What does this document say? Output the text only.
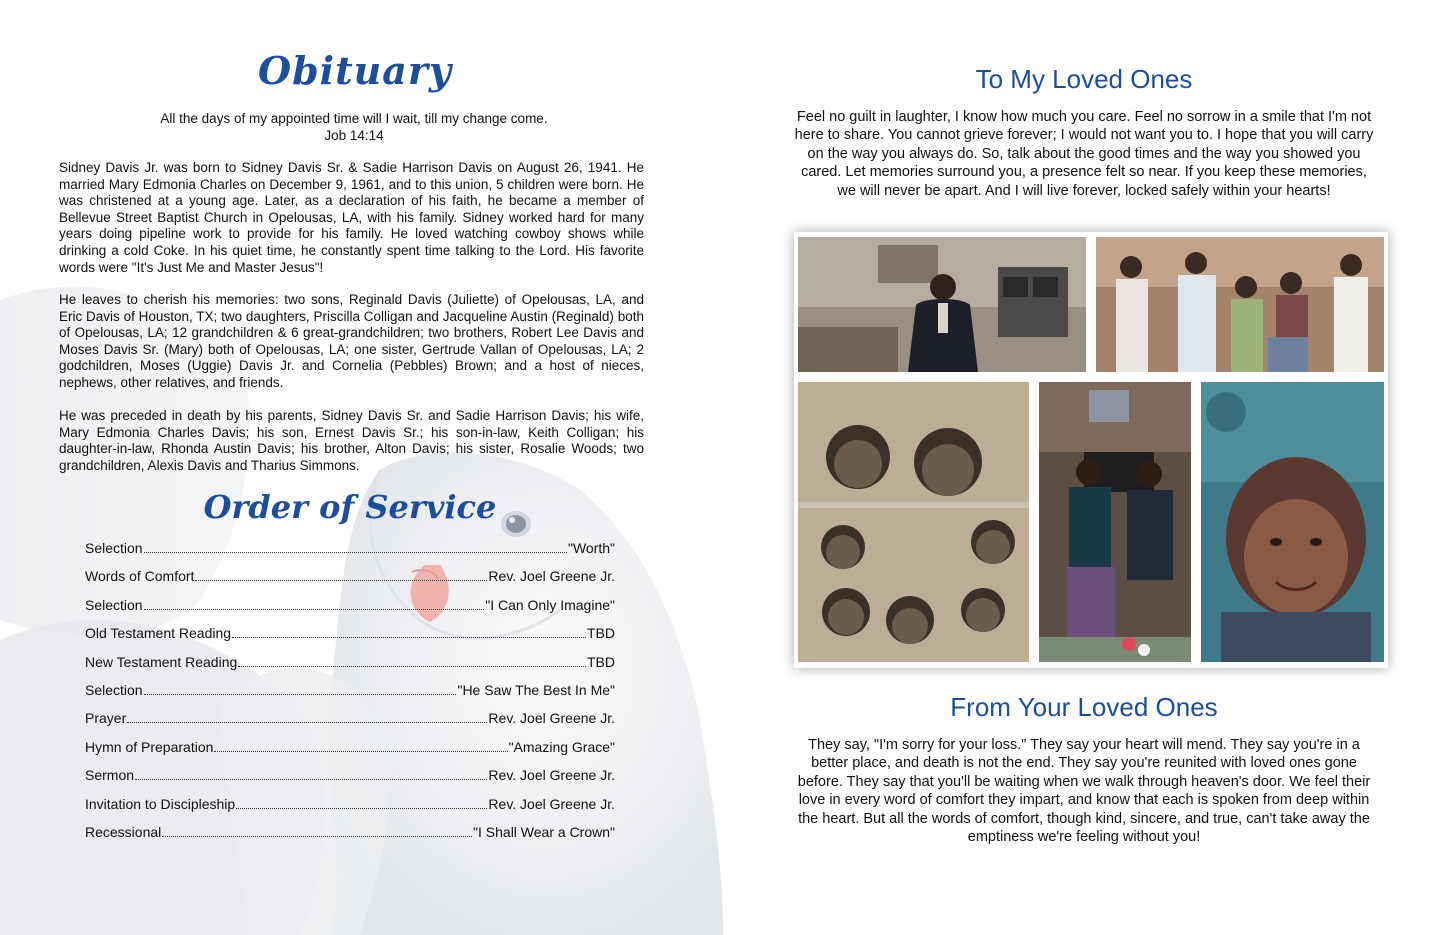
Obituary
All the days of my appointed time will I wait, till my change come.
Job 14:14

Sidney Davis Jr. was born to Sidney Davis Sr. & Sadie Harrison Davis on August 26, 1941. He married Mary Edmonia Charles on December 9, 1961, and to this union, 5 children were born. He was christened at a young age. Later, as a declaration of his faith, he became a member of Bellevue Street Baptist Church in Opelousas, LA, with his family. Sidney worked hard for many years doing pipeline work to provide for his family. He loved watching cowboy shows while drinking a cold Coke. In his quiet time, he constantly spent time talking to the Lord. His favorite words were "It's Just Me and Master Jesus"!

He leaves to cherish his memories: two sons, Reginald Davis (Juliette) of Opelousas, LA, and Eric Davis of Houston, TX; two daughters, Priscilla Colligan and Jacqueline Austin (Reginald) both of Opelousas, LA; 12 grandchildren & 6 great-grandchildren; two brothers, Robert Lee Davis and Moses Davis Sr. (Mary) both of Opelousas, LA; one sister, Gertrude Vallan of Opelousas, LA; 2 godchildren, Moses (Uggie) Davis Jr. and Cornelia (Pebbles) Brown; and a host of nieces, nephews, other relatives, and friends.

He was preceded in death by his parents, Sidney Davis Sr. and Sadie Harrison Davis; his wife, Mary Edmonia Charles Davis; his son, Ernest Davis Sr.; his son-in-law, Keith Colligan; his daughter-in-law, Rhonda Austin Davis; his brother, Alton Davis; his sister, Rosalie Woods; two grandchildren, Alexis Davis and Tharius Simmons.

Order of Service
Selection	"Worth"
Words of Comfort	Rev. Joel Greene Jr.
Selection	"I Can Only Imagine"
Old Testament Reading	TBD
New Testament Reading	TBD
Selection	"He Saw The Best In Me"
Prayer	Rev. Joel Greene Jr.
Hymn of Preparation	"Amazing Grace"
Sermon	Rev. Joel Greene Jr.
Invitation to Discipleship	Rev. Joel Greene Jr.
Recessional	"I Shall Wear a Crown"
To My Loved Ones

Feel no guilt in laughter, I know how much you care. Feel no sorrow in a smile that I'm not here to share. You cannot grieve forever; I would not want you to. I hope that you will carry on the way you always do. So, talk about the good times and the way you showed you cared. Let memories surround you, a presence felt so near. If you keep these memories, we will never be apart. And I will live forever, locked safely within your hearts!

From Your Loved Ones

They say, "I'm sorry for your loss." They say your heart will mend. They say you're in a better place, and death is not the end. They say you're reunited with loved ones gone before. They say that you'll be waiting when we walk through heaven's door. We feel their love in every word of comfort they impart, and know that each is spoken from deep within the heart. But all the words of comfort, though kind, sincere, and true, can't take away the emptiness we're feeling without you!
